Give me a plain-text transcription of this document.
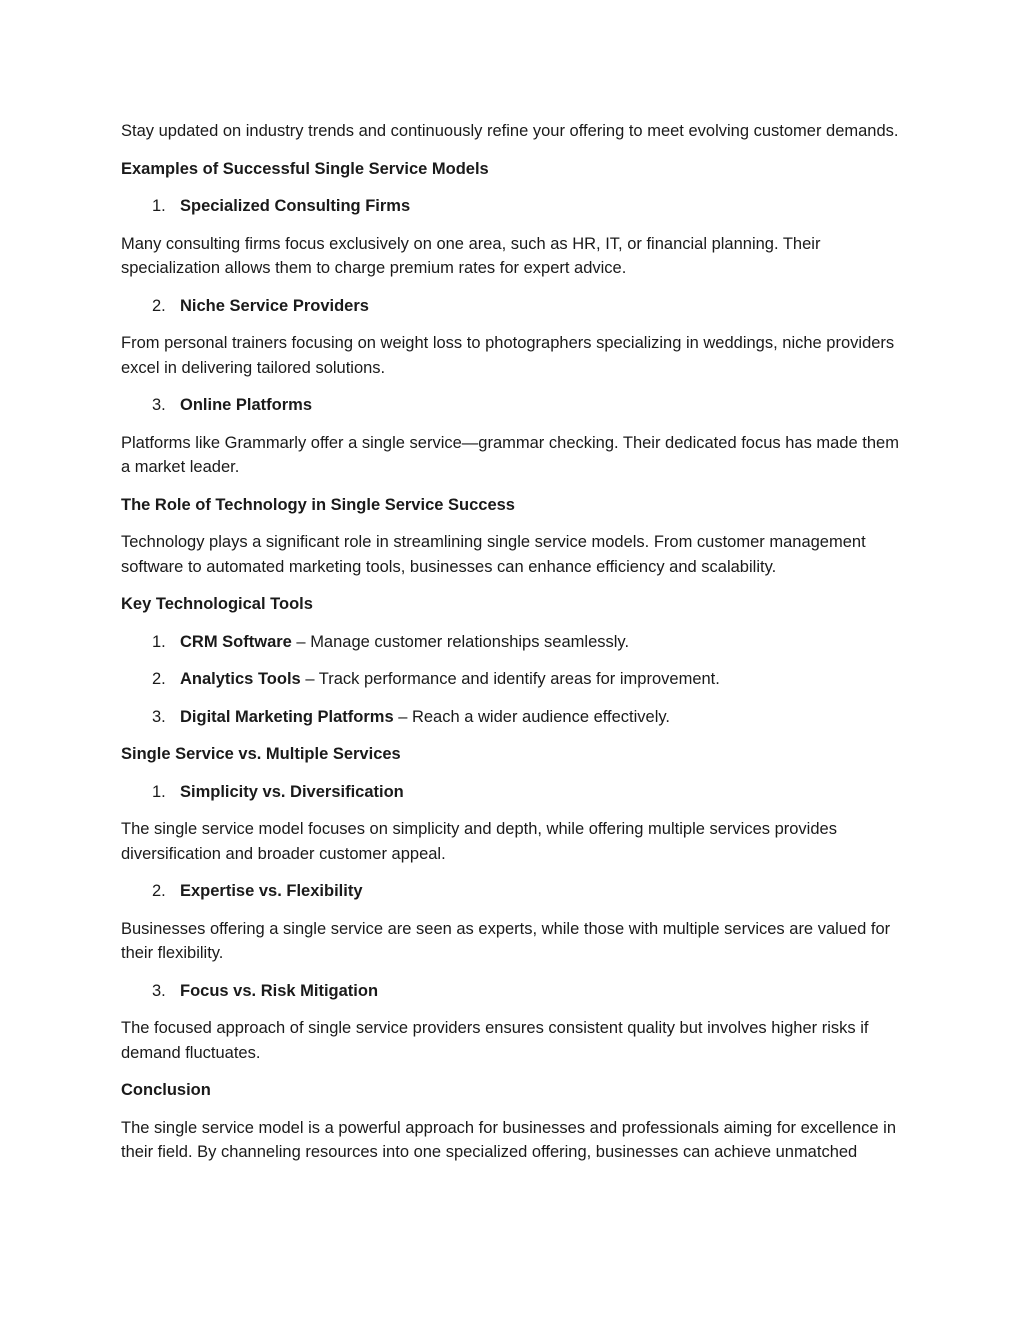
Stay updated on industry trends and continuously refine your offering to meet evolving customer demands.

Examples of Successful Single Service Models

1. Specialized Consulting Firms

Many consulting firms focus exclusively on one area, such as HR, IT, or financial planning. Their specialization allows them to charge premium rates for expert advice.

2. Niche Service Providers

From personal trainers focusing on weight loss to photographers specializing in weddings, niche providers excel in delivering tailored solutions.

3. Online Platforms

Platforms like Grammarly offer a single service—grammar checking. Their dedicated focus has made them a market leader.

The Role of Technology in Single Service Success

Technology plays a significant role in streamlining single service models. From customer management software to automated marketing tools, businesses can enhance efficiency and scalability.

Key Technological Tools

1. CRM Software – Manage customer relationships seamlessly.
2. Analytics Tools – Track performance and identify areas for improvement.
3. Digital Marketing Platforms – Reach a wider audience effectively.

Single Service vs. Multiple Services

1. Simplicity vs. Diversification

The single service model focuses on simplicity and depth, while offering multiple services provides diversification and broader customer appeal.

2. Expertise vs. Flexibility

Businesses offering a single service are seen as experts, while those with multiple services are valued for their flexibility.

3. Focus vs. Risk Mitigation

The focused approach of single service providers ensures consistent quality but involves higher risks if demand fluctuates.

Conclusion

The single service model is a powerful approach for businesses and professionals aiming for excellence in their field. By channeling resources into one specialized offering, businesses can achieve unmatched
